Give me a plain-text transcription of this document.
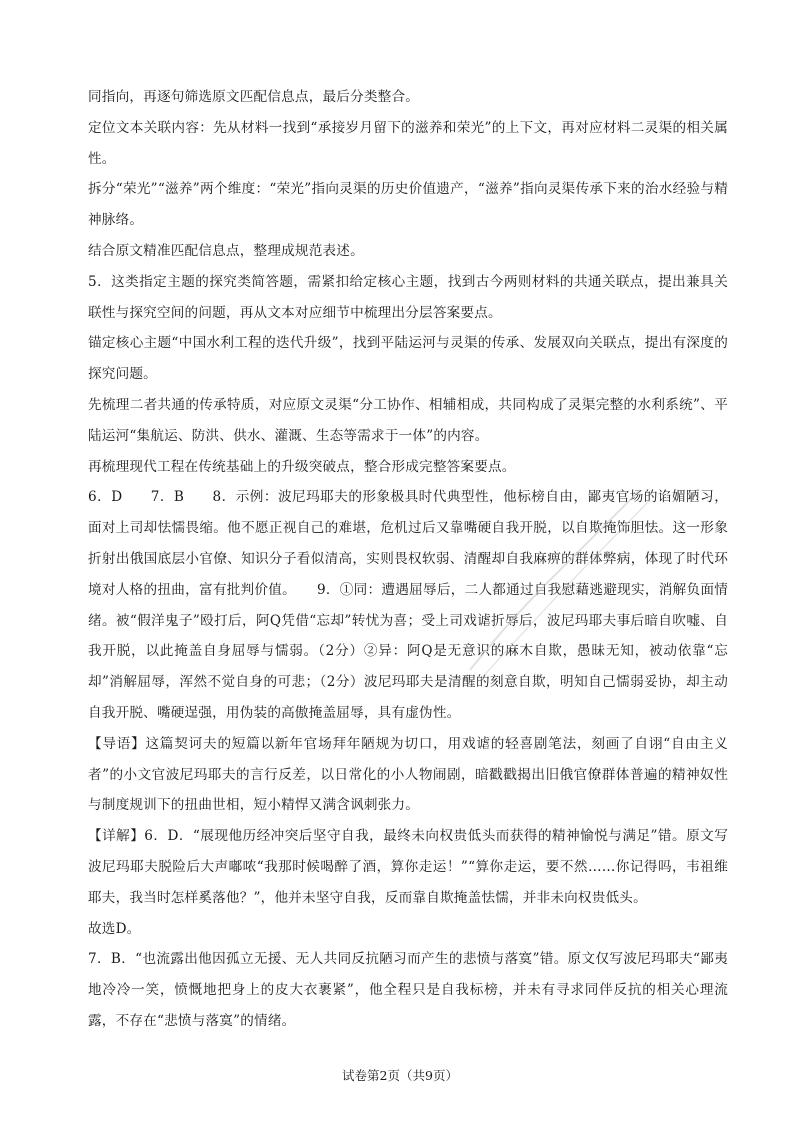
同指向，再逐句筛选原文匹配信息点，最后分类整合。

定位文本关联内容：先从材料一找到“承接岁月留下的滋养和荣光”的上下文，再对应材料二灵渠的相关属性。

拆分“荣光”“滋养”两个维度：“荣光”指向灵渠的历史价值遗产，“滋养”指向灵渠传承下来的治水经验与精神脉络。

结合原文精准匹配信息点，整理成规范表述。

5．这类指定主题的探究类简答题，需紧扣给定核心主题，找到古今两则材料的共通关联点，提出兼具关联性与探究空间的问题，再从文本对应细节中梳理出分层答案要点。

锚定核心主题“中国水利工程的迭代升级”，找到平陆运河与灵渠的传承、发展双向关联点，提出有深度的探究问题。

先梳理二者共通的传承特质，对应原文灵渠“分工协作、相辅相成，共同构成了灵渠完整的水利系统”、平陆运河“集航运、防洪、供水、灌溉、生态等需求于一体”的内容。

再梳理现代工程在传统基础上的升级突破点，整合形成完整答案要点。

6．D　　7．B　　8．示例：波尼玛耶夫的形象极具时代典型性，他标榜自由，鄙夷官场的谄媚陋习，面对上司却怯懦畏缩。他不愿正视自己的难堪，危机过后又靠嘴硬自我开脱，以自欺掩饰胆怯。这一形象折射出俄国底层小官僚、知识分子看似清高，实则畏权软弱、清醒却自我麻痹的群体弊病，体现了时代环境对人格的扭曲，富有批判价值。　　9．①同：遭遇屈辱后，二人都通过自我慰藉逃避现实，消解负面情绪。被“假洋鬼子”殴打后，阿Q凭借“忘却”转忧为喜；受上司戏谑折辱后，波尼玛耶夫事后暗自吹嘘、自我开脱，以此掩盖自身屈辱与懦弱。（2分）②异：阿Q是无意识的麻木自欺，愚昧无知，被动依靠“忘却”消解屈辱，浑然不觉自身的可悲；（2分）波尼玛耶夫是清醒的刻意自欺，明知自己懦弱妥协，却主动自我开脱、嘴硬逞强，用伪装的高傲掩盖屈辱，具有虚伪性。

【导语】这篇契诃夫的短篇以新年官场拜年陋规为切口，用戏谑的轻喜剧笔法，刻画了自诩“自由主义者”的小文官波尼玛耶夫的言行反差，以日常化的小人物闹剧，暗戳戳揭出旧俄官僚群体普遍的精神奴性与制度规训下的扭曲世相，短小精悍又满含讽刺张力。

【详解】6．D．“展现他历经冲突后坚守自我，最终未向权贵低头而获得的精神愉悦与满足”错。原文写波尼玛耶夫脱险后大声嘟哝“我那时候喝醉了酒，算你走运！”“算你走运，要不然……你记得吗，韦祖维耶夫，我当时怎样奚落他？”，他并未坚守自我，反而靠自欺掩盖怯懦，并非未向权贵低头。

故选D。

7．B．“也流露出他因孤立无援、无人共同反抗陋习而产生的悲愤与落寞”错。原文仅写波尼玛耶夫“鄙夷地冷冷一笑，愤慨地把身上的皮大衣裹紧”，他全程只是自我标榜，并未有寻求同伴反抗的相关心理流露，不存在“悲愤与落寞”的情绪。

试卷第2页（共9页）
